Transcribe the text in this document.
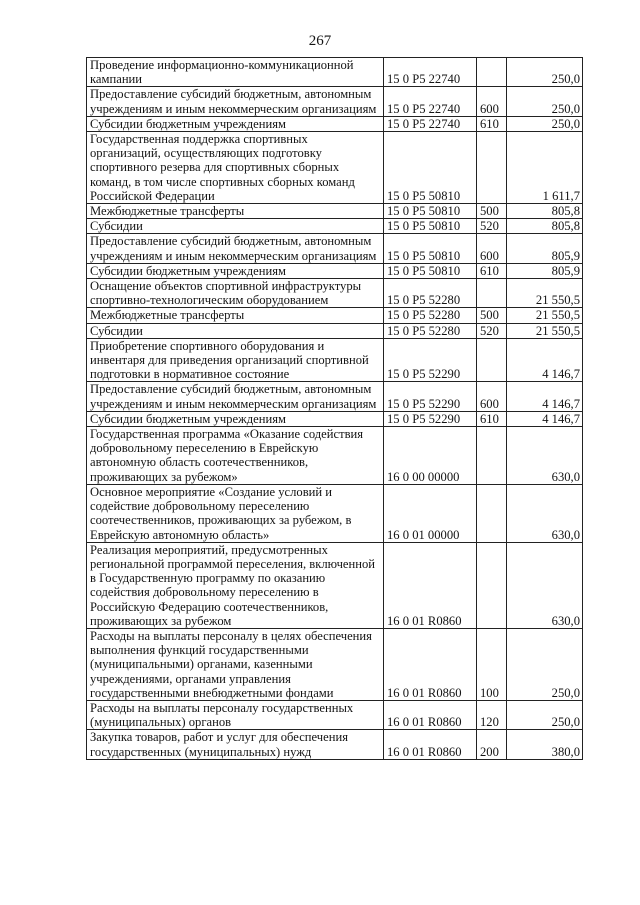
267
Проведение информационно-коммуникационной кампании	15 0 P5 22740		250,0
Предоставление субсидий бюджетным, автономным учреждениям и иным некоммерческим организациям	15 0 P5 22740	600	250,0
Субсидии бюджетным учреждениям	15 0 P5 22740	610	250,0
Государственная поддержка спортивных организаций, осуществляющих подготовку спортивного резерва для спортивных сборных команд, в том числе спортивных сборных команд Российской Федерации	15 0 P5 50810		1 611,7
Межбюджетные трансферты	15 0 P5 50810	500	805,8
Субсидии	15 0 P5 50810	520	805,8
Предоставление субсидий бюджетным, автономным учреждениям и иным некоммерческим организациям	15 0 P5 50810	600	805,9
Субсидии бюджетным учреждениям	15 0 P5 50810	610	805,9
Оснащение объектов спортивной инфраструктуры спортивно-технологическим оборудованием	15 0 P5 52280		21 550,5
Межбюджетные трансферты	15 0 P5 52280	500	21 550,5
Субсидии	15 0 P5 52280	520	21 550,5
Приобретение спортивного оборудования и инвентаря для приведения организаций спортивной подготовки в нормативное состояние	15 0 P5 52290		4 146,7
Предоставление субсидий бюджетным, автономным учреждениям и иным некоммерческим организациям	15 0 P5 52290	600	4 146,7
Субсидии бюджетным учреждениям	15 0 P5 52290	610	4 146,7
Государственная программа «Оказание содействия добровольному переселению в Еврейскую автономную область соотечественников, проживающих за рубежом»	16 0 00 00000		630,0
Основное мероприятие «Создание условий и содействие добровольному переселению соотечественников, проживающих за рубежом, в Еврейскую автономную область»	16 0 01 00000		630,0
Реализация мероприятий, предусмотренных региональной программой переселения, включенной в Государственную программу по оказанию содействия добровольному переселению в Российскую Федерацию соотечественников, проживающих за рубежом	16 0 01 R0860		630,0
Расходы на выплаты персоналу в целях обеспечения выполнения функций государственными (муниципальными) органами, казенными учреждениями, органами управления государственными внебюджетными фондами	16 0 01 R0860	100	250,0
Расходы на выплаты персоналу государственных (муниципальных) органов	16 0 01 R0860	120	250,0
Закупка товаров, работ и услуг для обеспечения государственных (муниципальных) нужд	16 0 01 R0860	200	380,0
